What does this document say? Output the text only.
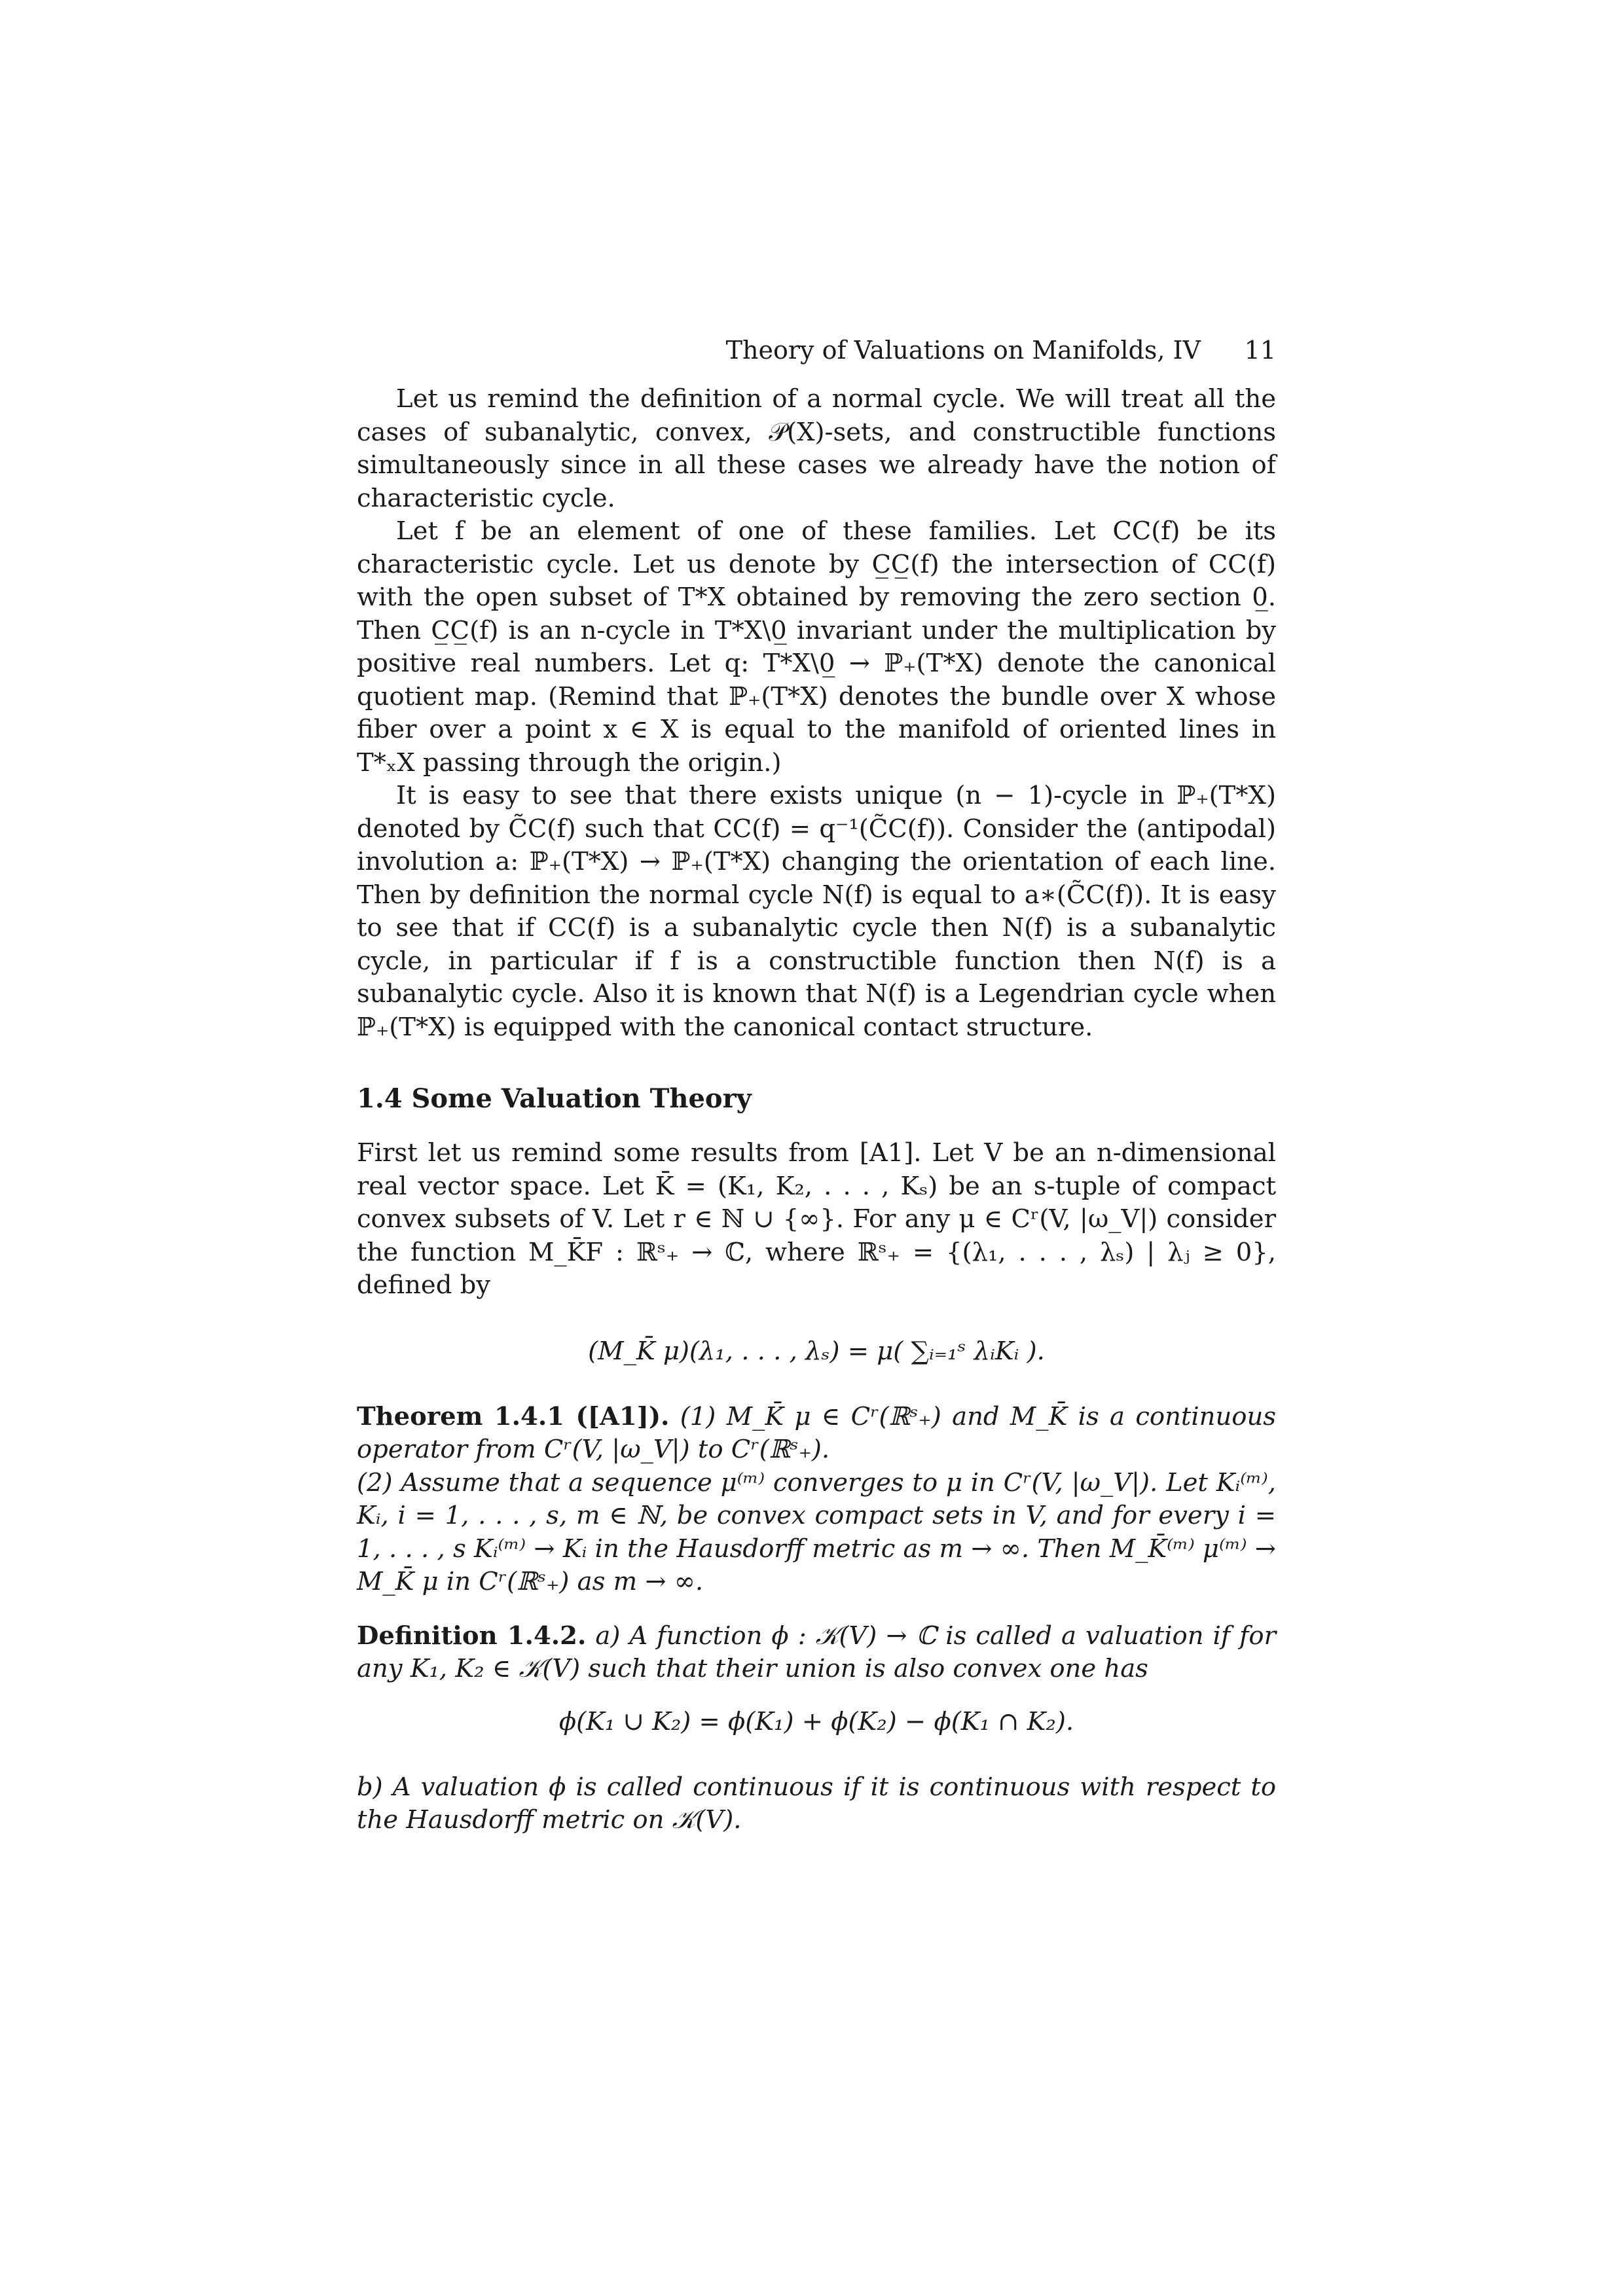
Theory of Valuations on Manifolds, IV 11

Let us remind the definition of a normal cycle. We will treat all the cases of subanalytic, convex, 𝒫(X)-sets, and constructible functions simultaneously since in all these cases we already have the notion of characteristic cycle.

Let f be an element of one of these families. Let CC(f) be its characteristic cycle. Let us denote by C̲C̲(f) the intersection of CC(f) with the open subset of T*X obtained by removing the zero section 0̲. Then C̲C̲(f) is an n-cycle in T*X\0̲ invariant under the multiplication by positive real numbers. Let q: T*X\0̲ → ℙ₊(T*X) denote the canonical quotient map. (Remind that ℙ₊(T*X) denotes the bundle over X whose fiber over a point x ∈ X is equal to the manifold of oriented lines in T*ₓX passing through the origin.)

It is easy to see that there exists unique (n − 1)-cycle in ℙ₊(T*X) denoted by C̃C(f) such that CC(f) = q⁻¹(C̃C(f)). Consider the (antipodal) involution a: ℙ₊(T*X) → ℙ₊(T*X) changing the orientation of each line. Then by definition the normal cycle N(f) is equal to a∗(C̃C(f)). It is easy to see that if CC(f) is a subanalytic cycle then N(f) is a subanalytic cycle, in particular if f is a constructible function then N(f) is a subanalytic cycle. Also it is known that N(f) is a Legendrian cycle when ℙ₊(T*X) is equipped with the canonical contact structure.

1.4 Some Valuation Theory

First let us remind some results from [A1]. Let V be an n-dimensional real vector space. Let K̄ = (K₁, K₂, . . . , Kₛ) be an s-tuple of compact convex subsets of V. Let r ∈ ℕ ∪ {∞}. For any μ ∈ Cʳ(V, |ω_V|) consider the function M_K̄F : ℝˢ₊ → ℂ, where ℝˢ₊ = {(λ₁, . . . , λₛ) | λⱼ ≥ 0}, defined by

(M_K̄ μ)(λ₁, . . . , λₛ) = μ( ∑ᵢ₌₁ˢ λᵢKᵢ ).

Theorem 1.4.1 ([A1]). (1) M_K̄ μ ∈ Cʳ(ℝˢ₊) and M_K̄ is a continuous operator from Cʳ(V, |ω_V|) to Cʳ(ℝˢ₊).

(2) Assume that a sequence μ⁽ᵐ⁾ converges to μ in Cʳ(V, |ω_V|). Let Kᵢ⁽ᵐ⁾, Kᵢ, i = 1, . . . , s, m ∈ ℕ, be convex compact sets in V, and for every i = 1, . . . , s Kᵢ⁽ᵐ⁾ → Kᵢ in the Hausdorff metric as m → ∞. Then M_K̄⁽ᵐ⁾ μ⁽ᵐ⁾ → M_K̄ μ in Cʳ(ℝˢ₊) as m → ∞.

Definition 1.4.2. a) A function ϕ : 𝒦(V) → ℂ is called a valuation if for any K₁, K₂ ∈ 𝒦(V) such that their union is also convex one has

ϕ(K₁ ∪ K₂) = ϕ(K₁) + ϕ(K₂) − ϕ(K₁ ∩ K₂).

b) A valuation ϕ is called continuous if it is continuous with respect to the Hausdorff metric on 𝒦(V).
